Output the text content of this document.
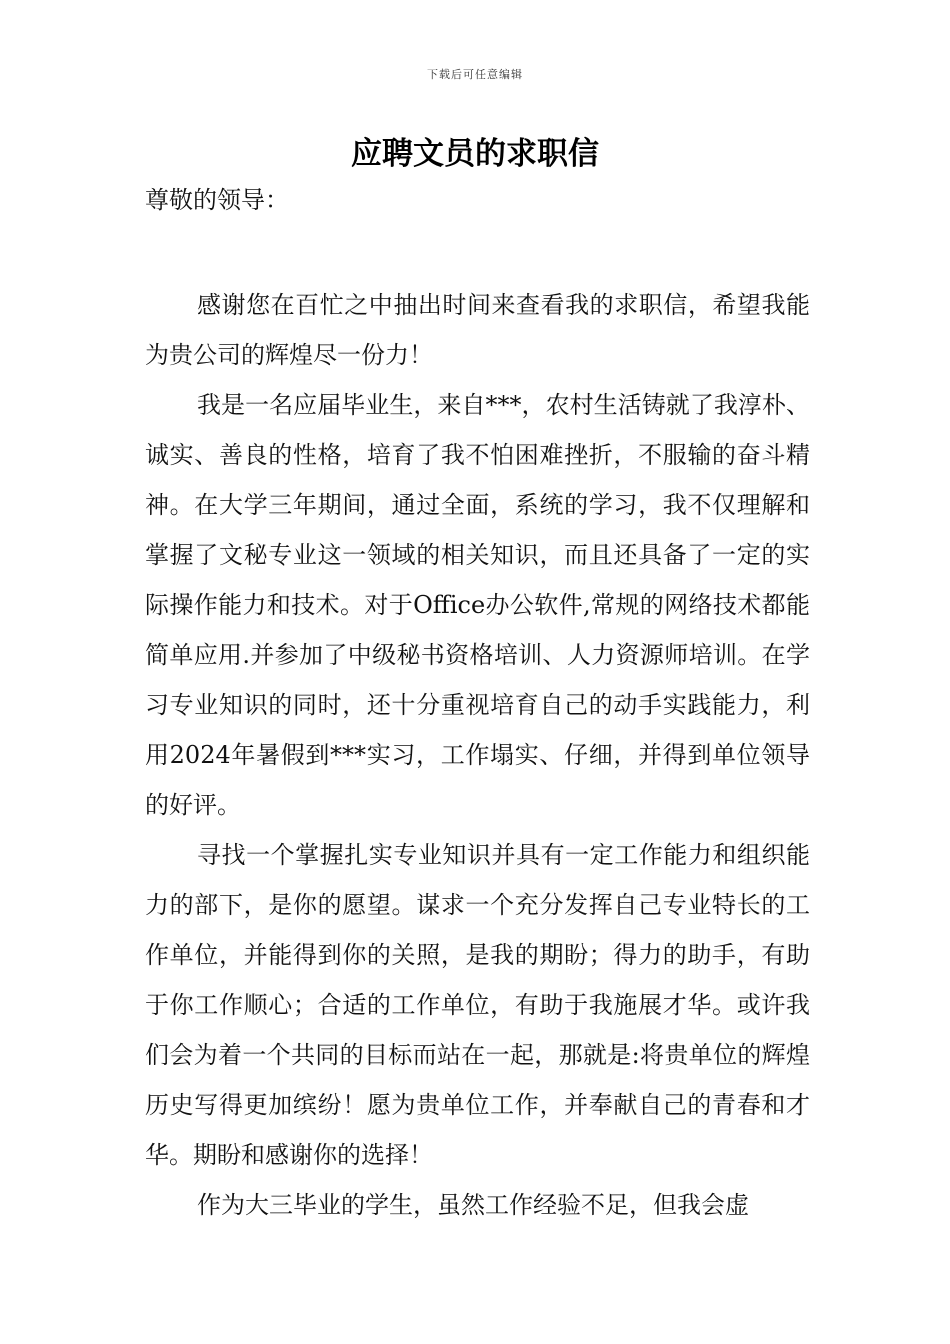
下载后可任意编辑
应聘文员的求职信
尊敬的领导：

感谢您在百忙之中抽出时间来查看我的求职信，希望我能为贵公司的辉煌尽一份力！

我是一名应届毕业生，来自***，农村生活铸就了我淳朴、诚实、善良的性格，培育了我不怕困难挫折，不服输的奋斗精神。在大学三年期间，通过全面，系统的学习，我不仅理解和掌握了文秘专业这一领域的相关知识，而且还具备了一定的实际操作能力和技术。对于Office办公软件,常规的网络技术都能简单应用.并参加了中级秘书资格培训、人力资源师培训。在学习专业知识的同时，还十分重视培育自己的动手实践能力，利用2024年暑假到***实习，工作塌实、仔细，并得到单位领导的好评。

寻找一个掌握扎实专业知识并具有一定工作能力和组织能力的部下，是你的愿望。谋求一个充分发挥自己专业特长的工作单位，并能得到你的关照，是我的期盼；得力的助手，有助于你工作顺心；合适的工作单位，有助于我施展才华。或许我们会为着一个共同的目标而站在一起，那就是:将贵单位的辉煌历史写得更加缤纷！愿为贵单位工作，并奉献自己的青春和才华。期盼和感谢你的选择！

作为大三毕业的学生，虽然工作经验不足，但我会虚
